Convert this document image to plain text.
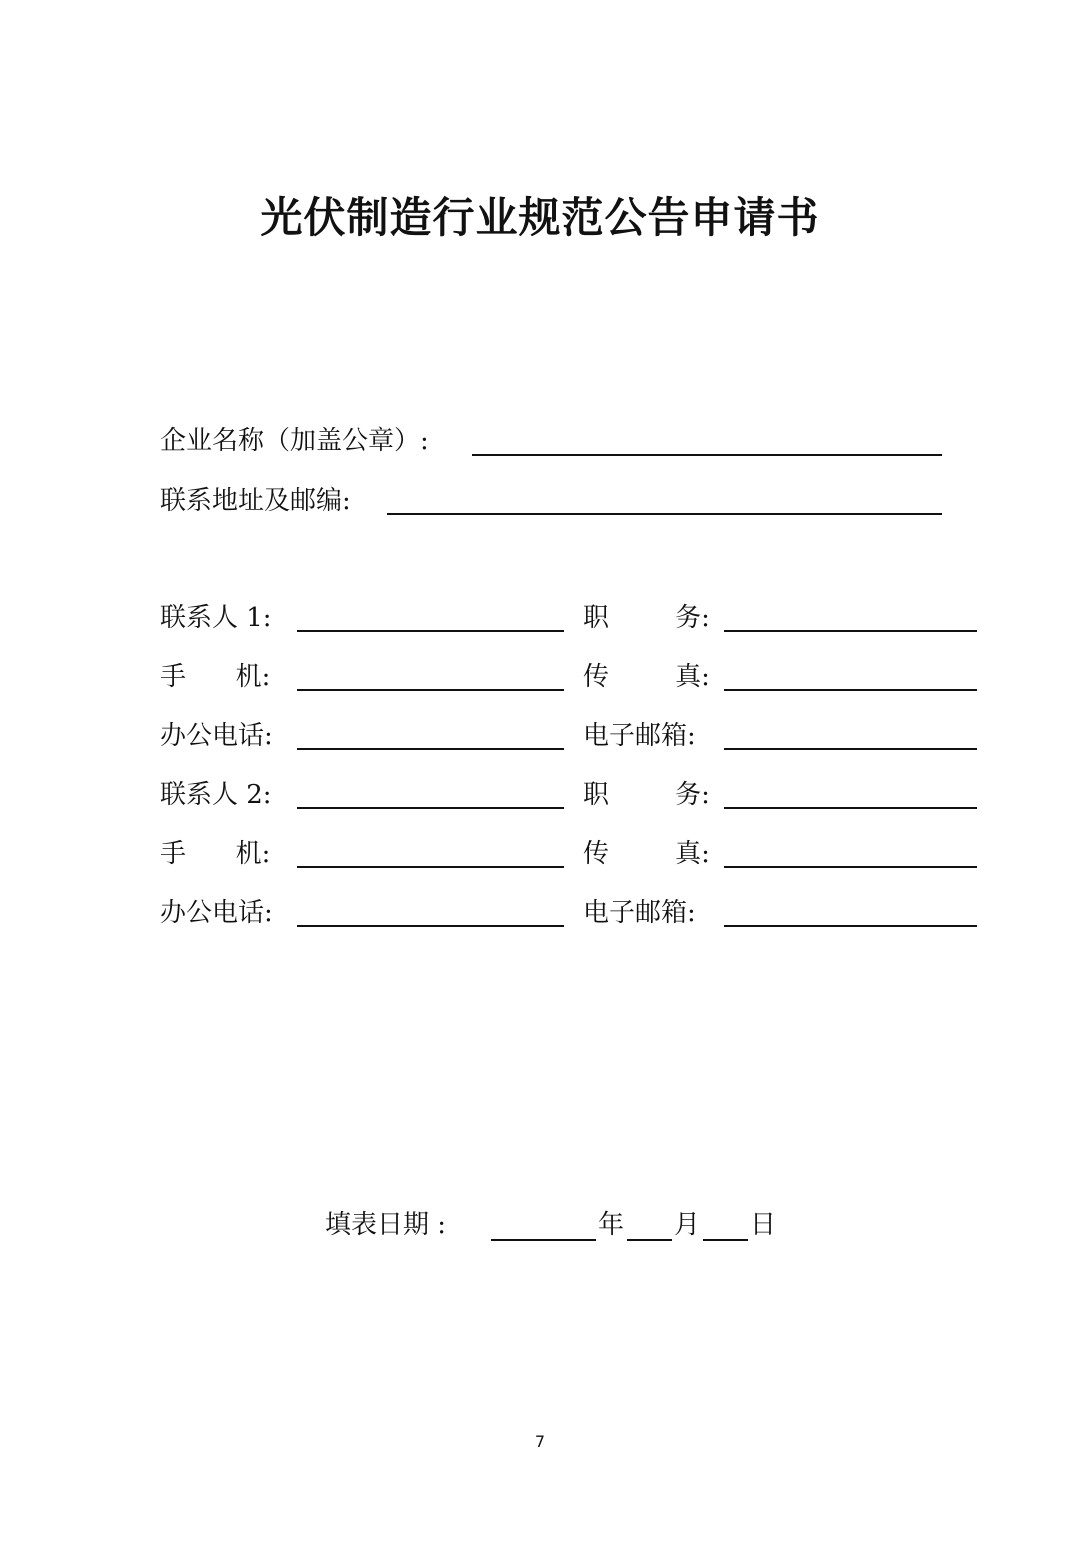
光伏制造行业规范公告申请书
企业名称（加盖公章）:
联系地址及邮编:
联系人 1:	职        务:
手      机:	传        真:
办公电话:	电子邮箱:
联系人 2:	职        务:
手      机:	传        真:
办公电话:	电子邮箱:
填表日期 :	年 月 日
7
